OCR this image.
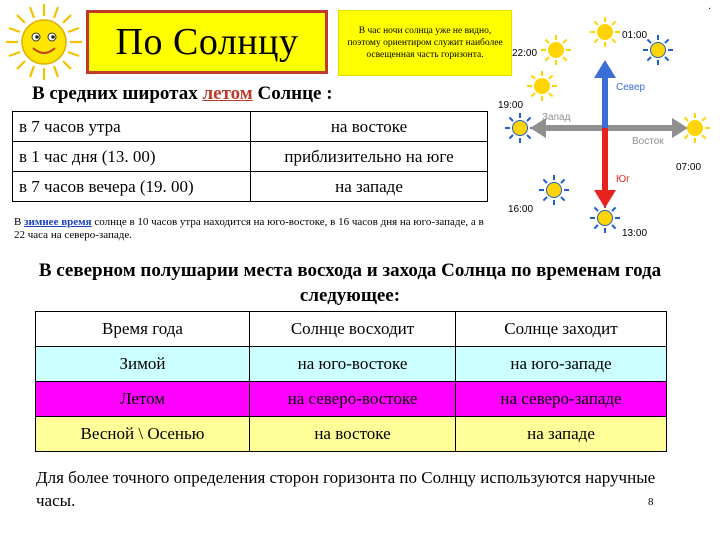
По Солнцу	В час ночи солнца уже не видно, поэтому ориентиром служит наиболее освещенная часть горизонта.
·
Север
Юг
Запад
Восток
01:00
22:00
19:00
07:00
16:00
13:00
В средних широтах летом Солнце :
в 7 часов утра	на востоке
в 1 час дня (13. 00)	приблизительно на юге
в 7 часов вечера (19. 00)	на западе
В зимнее время солнце в 10 часов утра находится на юго-востоке, в 16 часов дня на юго-западе, а в 22 часа на северо-западе.
В северном полушарии места восхода и захода Солнца по временам года следующее:
Время года	Солнце восходит	Солнце заходит
Зимой	на юго-востоке	на юго-западе
Летом	на северо-востоке	на северо-западе
Весной \ Осенью	на востоке	на западе
Для более точного определения сторон горизонта по Солнцу используются наручные часы.	8
